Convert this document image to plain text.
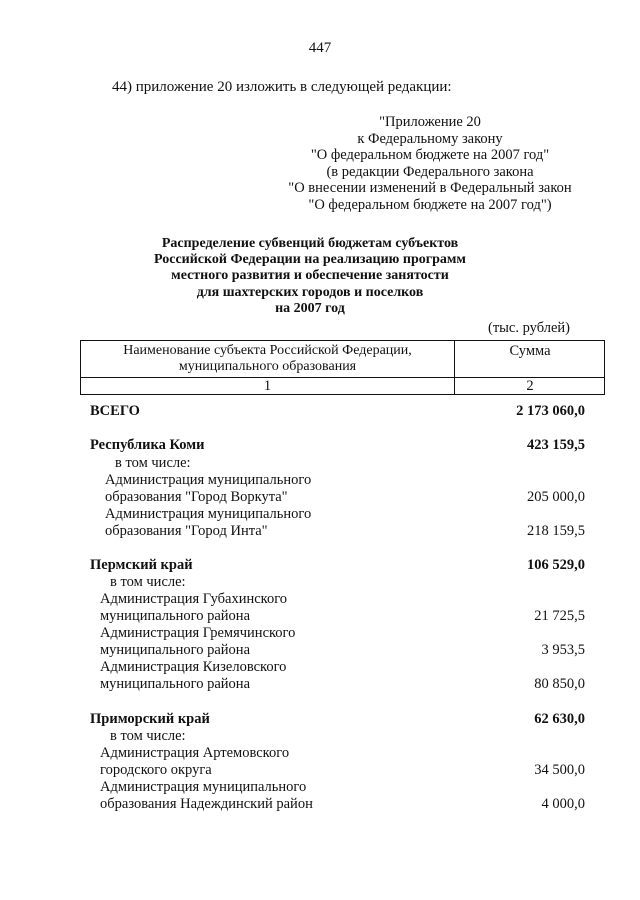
447
44) приложение 20 изложить в следующей редакции:
"Приложение 20
к Федеральному закону
"О федеральном бюджете на 2007 год"
(в редакции Федерального закона
"О внесении изменений в Федеральный закон
"О федеральном бюджете на 2007 год")
Распределение субвенций бюджетам субъектов
Российской Федерации на реализацию программ
местного развития и обеспечение занятости
для шахтерских городов и поселков
на 2007 год
(тыс. рублей)
Наименование субъекта Российской Федерации,
муниципального образования
Сумма
1	2
ВСЕГО	2 173 060,0
Республика Коми	423 159,5
в том числе:
Администрация муниципального
образования "Город Воркута"	205 000,0
Администрация муниципального
образования "Город Инта"	218 159,5
Пермский край	106 529,0
в том числе:
Администрация Губахинского
муниципального района	21 725,5
Администрация Гремячинского
муниципального района	3 953,5
Администрация Кизеловского
муниципального района	80 850,0
Приморский край	62 630,0
в том числе:
Администрация Артемовского
городского округа	34 500,0
Администрация муниципального
образования Надеждинский район	4 000,0
